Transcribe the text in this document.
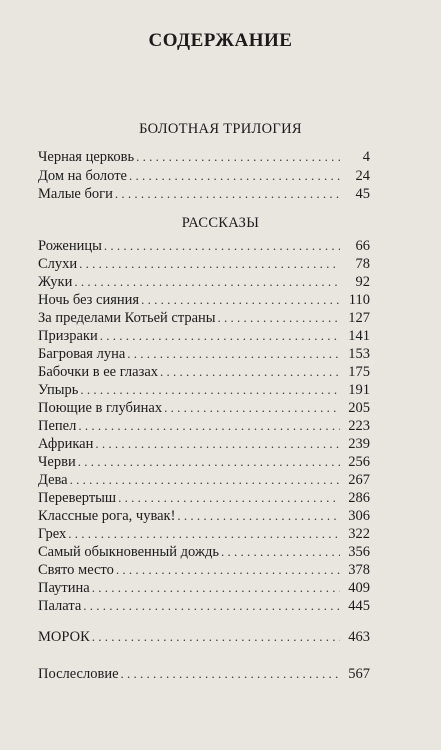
СОДЕРЖАНИЕ
БОЛОТНАЯ ТРИЛОГИЯ
Черная церковь . . .	4
Дом на болоте . . .	24
Малые боги . . .	45
РАССКАЗЫ
Роженицы . . .	66
Слухи . . .	78
Жуки . . .	92
Ночь без сияния . . .	110
За пределами Котьей страны . . .	127
Призраки . . .	141
Багровая луна . . .	153
Бабочки в ее глазах . . .	175
Упырь . . .	191
Поющие в глубинах . . .	205
Пепел . . .	223
Африкан . . .	239
Черви . . .	256
Дева . . .	267
Перевертыш . . .	286
Классные рога, чувак! . . .	306
Грех . . .	322
Самый обыкновенный дождь . . .	356
Свято место . . .	378
Паутина . . .	409
Палата . . .	445
МОРОК . . .	463
Послесловие . . .	567
